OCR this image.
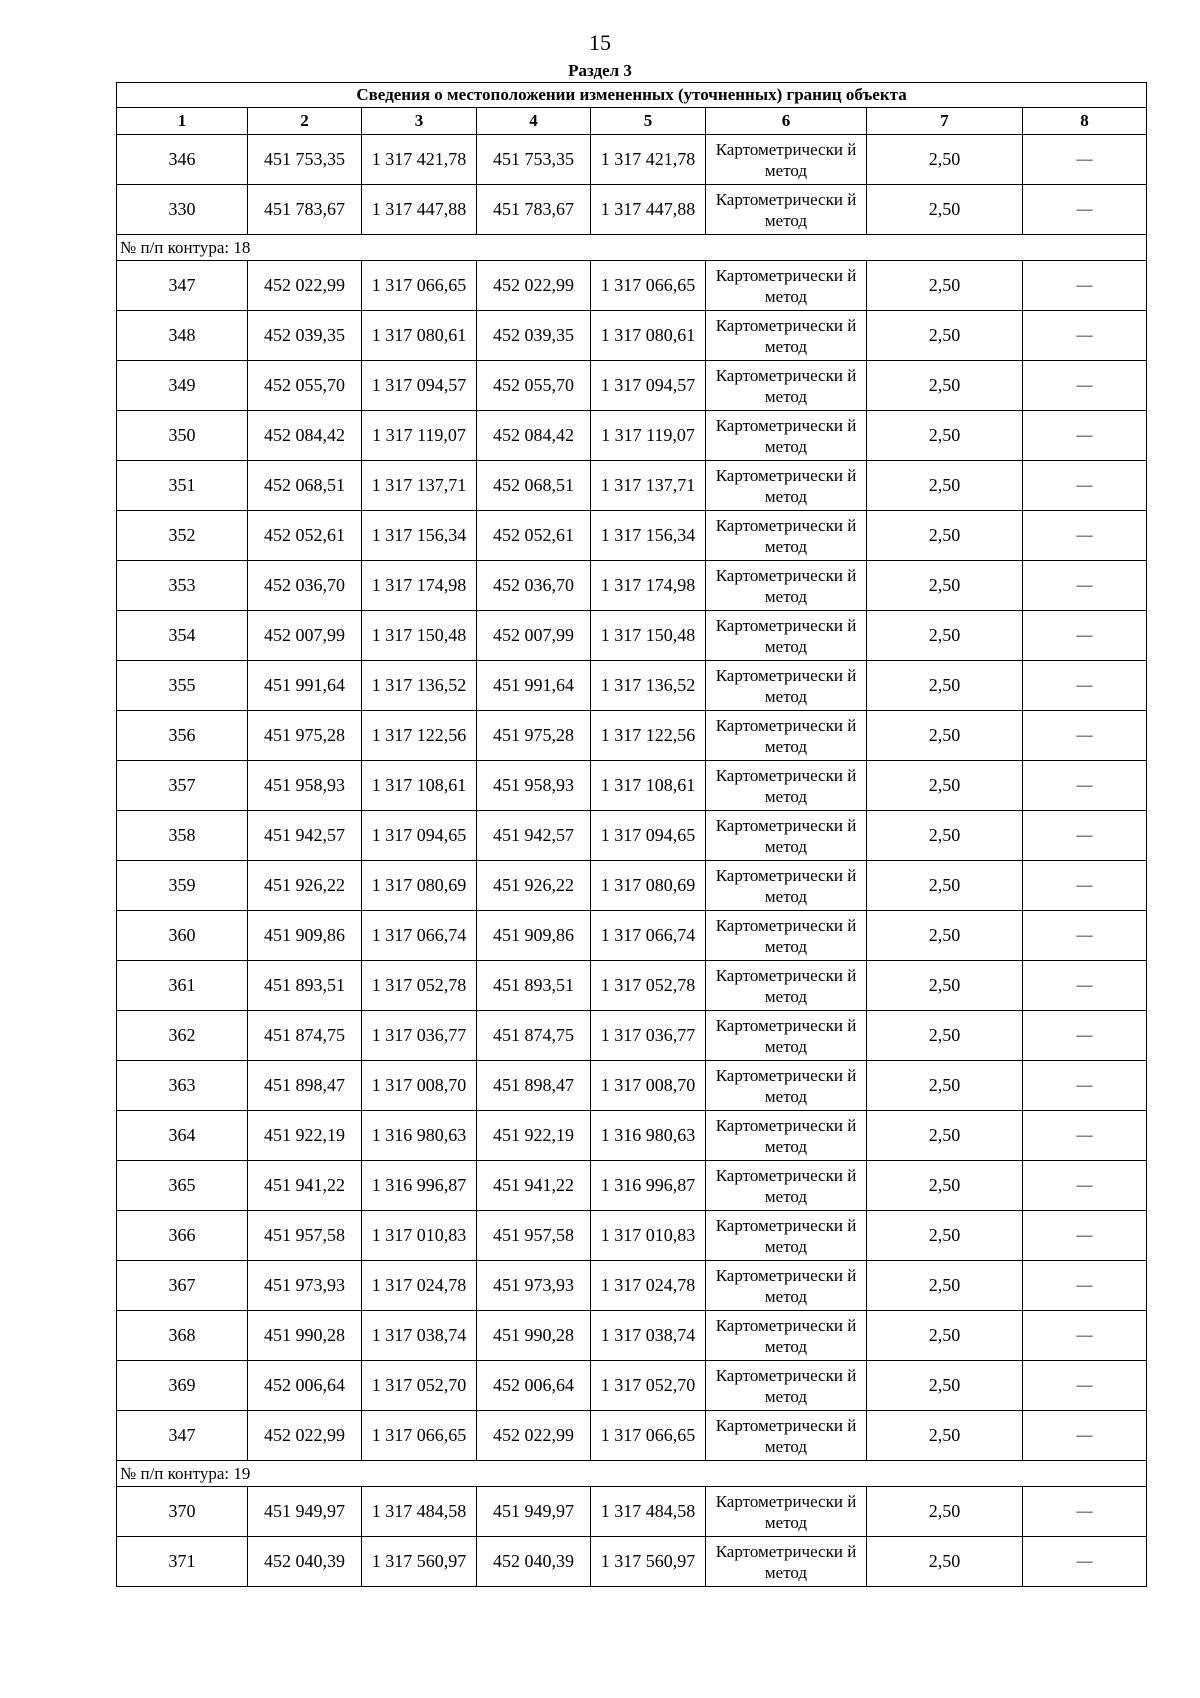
15
Раздел 3
Сведения о местоположении измененных (уточненных) границ объекта							
1	2	3	4	5	6	7	8
346	451 753,35	1 317 421,78	451 753,35	1 317 421,78	Картометрически й метод	2,50	—
330	451 783,67	1 317 447,88	451 783,67	1 317 447,88	Картометрически й метод	2,50	—
№ п/п контура: 18							
347	452 022,99	1 317 066,65	452 022,99	1 317 066,65	Картометрически й метод	2,50	—
348	452 039,35	1 317 080,61	452 039,35	1 317 080,61	Картометрически й метод	2,50	—
349	452 055,70	1 317 094,57	452 055,70	1 317 094,57	Картометрически й метод	2,50	—
350	452 084,42	1 317 119,07	452 084,42	1 317 119,07	Картометрически й метод	2,50	—
351	452 068,51	1 317 137,71	452 068,51	1 317 137,71	Картометрически й метод	2,50	—
352	452 052,61	1 317 156,34	452 052,61	1 317 156,34	Картометрически й метод	2,50	—
353	452 036,70	1 317 174,98	452 036,70	1 317 174,98	Картометрически й метод	2,50	—
354	452 007,99	1 317 150,48	452 007,99	1 317 150,48	Картометрически й метод	2,50	—
355	451 991,64	1 317 136,52	451 991,64	1 317 136,52	Картометрически й метод	2,50	—
356	451 975,28	1 317 122,56	451 975,28	1 317 122,56	Картометрически й метод	2,50	—
357	451 958,93	1 317 108,61	451 958,93	1 317 108,61	Картометрически й метод	2,50	—
358	451 942,57	1 317 094,65	451 942,57	1 317 094,65	Картометрически й метод	2,50	—
359	451 926,22	1 317 080,69	451 926,22	1 317 080,69	Картометрически й метод	2,50	—
360	451 909,86	1 317 066,74	451 909,86	1 317 066,74	Картометрически й метод	2,50	—
361	451 893,51	1 317 052,78	451 893,51	1 317 052,78	Картометрически й метод	2,50	—
362	451 874,75	1 317 036,77	451 874,75	1 317 036,77	Картометрически й метод	2,50	—
363	451 898,47	1 317 008,70	451 898,47	1 317 008,70	Картометрически й метод	2,50	—
364	451 922,19	1 316 980,63	451 922,19	1 316 980,63	Картометрически й метод	2,50	—
365	451 941,22	1 316 996,87	451 941,22	1 316 996,87	Картометрически й метод	2,50	—
366	451 957,58	1 317 010,83	451 957,58	1 317 010,83	Картометрически й метод	2,50	—
367	451 973,93	1 317 024,78	451 973,93	1 317 024,78	Картометрически й метод	2,50	—
368	451 990,28	1 317 038,74	451 990,28	1 317 038,74	Картометрически й метод	2,50	—
369	452 006,64	1 317 052,70	452 006,64	1 317 052,70	Картометрически й метод	2,50	—
347	452 022,99	1 317 066,65	452 022,99	1 317 066,65	Картометрически й метод	2,50	—
№ п/п контура: 19							
370	451 949,97	1 317 484,58	451 949,97	1 317 484,58	Картометрически й метод	2,50	—
371	452 040,39	1 317 560,97	452 040,39	1 317 560,97	Картометрически й метод	2,50	—
